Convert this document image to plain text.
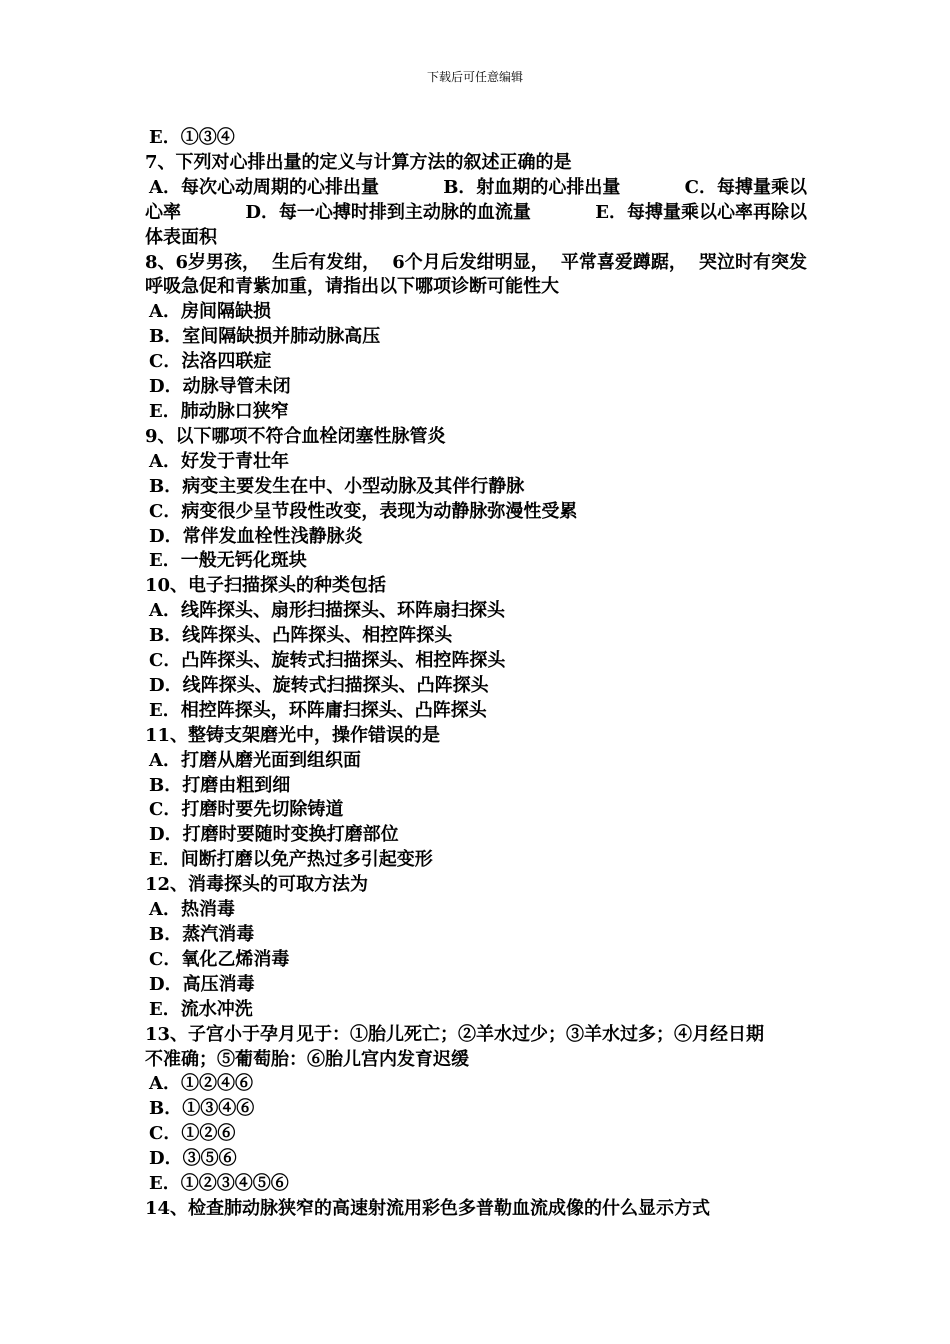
下载后可任意编辑
E．①③④
7、下列对心排出量的定义与计算方法的叙述正确的是
A．每次心动周期的心排出量	B．射血期的心排出量	C．每搏量乘以
心率	D．每一心搏时排到主动脉的血流量	E．每搏量乘以心率再除以
体表面积
8、6岁男孩， 生后有发绀， 6个月后发绀明显， 平常喜爱蹲踞， 哭泣时有突发
呼吸急促和青紫加重，请指出以下哪项诊断可能性大
A．房间隔缺损
B．室间隔缺损并肺动脉高压
C．法洛四联症
D．动脉导管未闭
E．肺动脉口狭窄
9、以下哪项不符合血栓闭塞性脉管炎
A．好发于青壮年
B．病变主要发生在中、小型动脉及其伴行静脉
C．病变很少呈节段性改变，表现为动静脉弥漫性受累
D．常伴发血栓性浅静脉炎
E．一般无钙化斑块
10、电子扫描探头的种类包括
A．线阵探头、扇形扫描探头、环阵扇扫探头
B．线阵探头、凸阵探头、相控阵探头
C．凸阵探头、旋转式扫描探头、相控阵探头
D．线阵探头、旋转式扫描探头、凸阵探头
E．相控阵探头，环阵庸扫探头、凸阵探头
11、整铸支架磨光中，操作错误的是
A．打磨从磨光面到组织面
B．打磨由粗到细
C．打磨时要先切除铸道
D．打磨时要随时变换打磨部位
E．间断打磨以免产热过多引起变形
12、消毒探头的可取方法为
A．热消毒
B．蒸汽消毒
C．氧化乙烯消毒
D．高压消毒
E．流水冲洗
13、子宫小于孕月见于：①胎儿死亡；②羊水过少；③羊水过多；④月经日期
不准确；⑤葡萄胎：⑥胎儿宫内发育迟缓
A．①②④⑥
B．①③④⑥
C．①②⑥
D．③⑤⑥
E．①②③④⑤⑥
14、检查肺动脉狭窄的高速射流用彩色多普勒血流成像的什么显示方式
